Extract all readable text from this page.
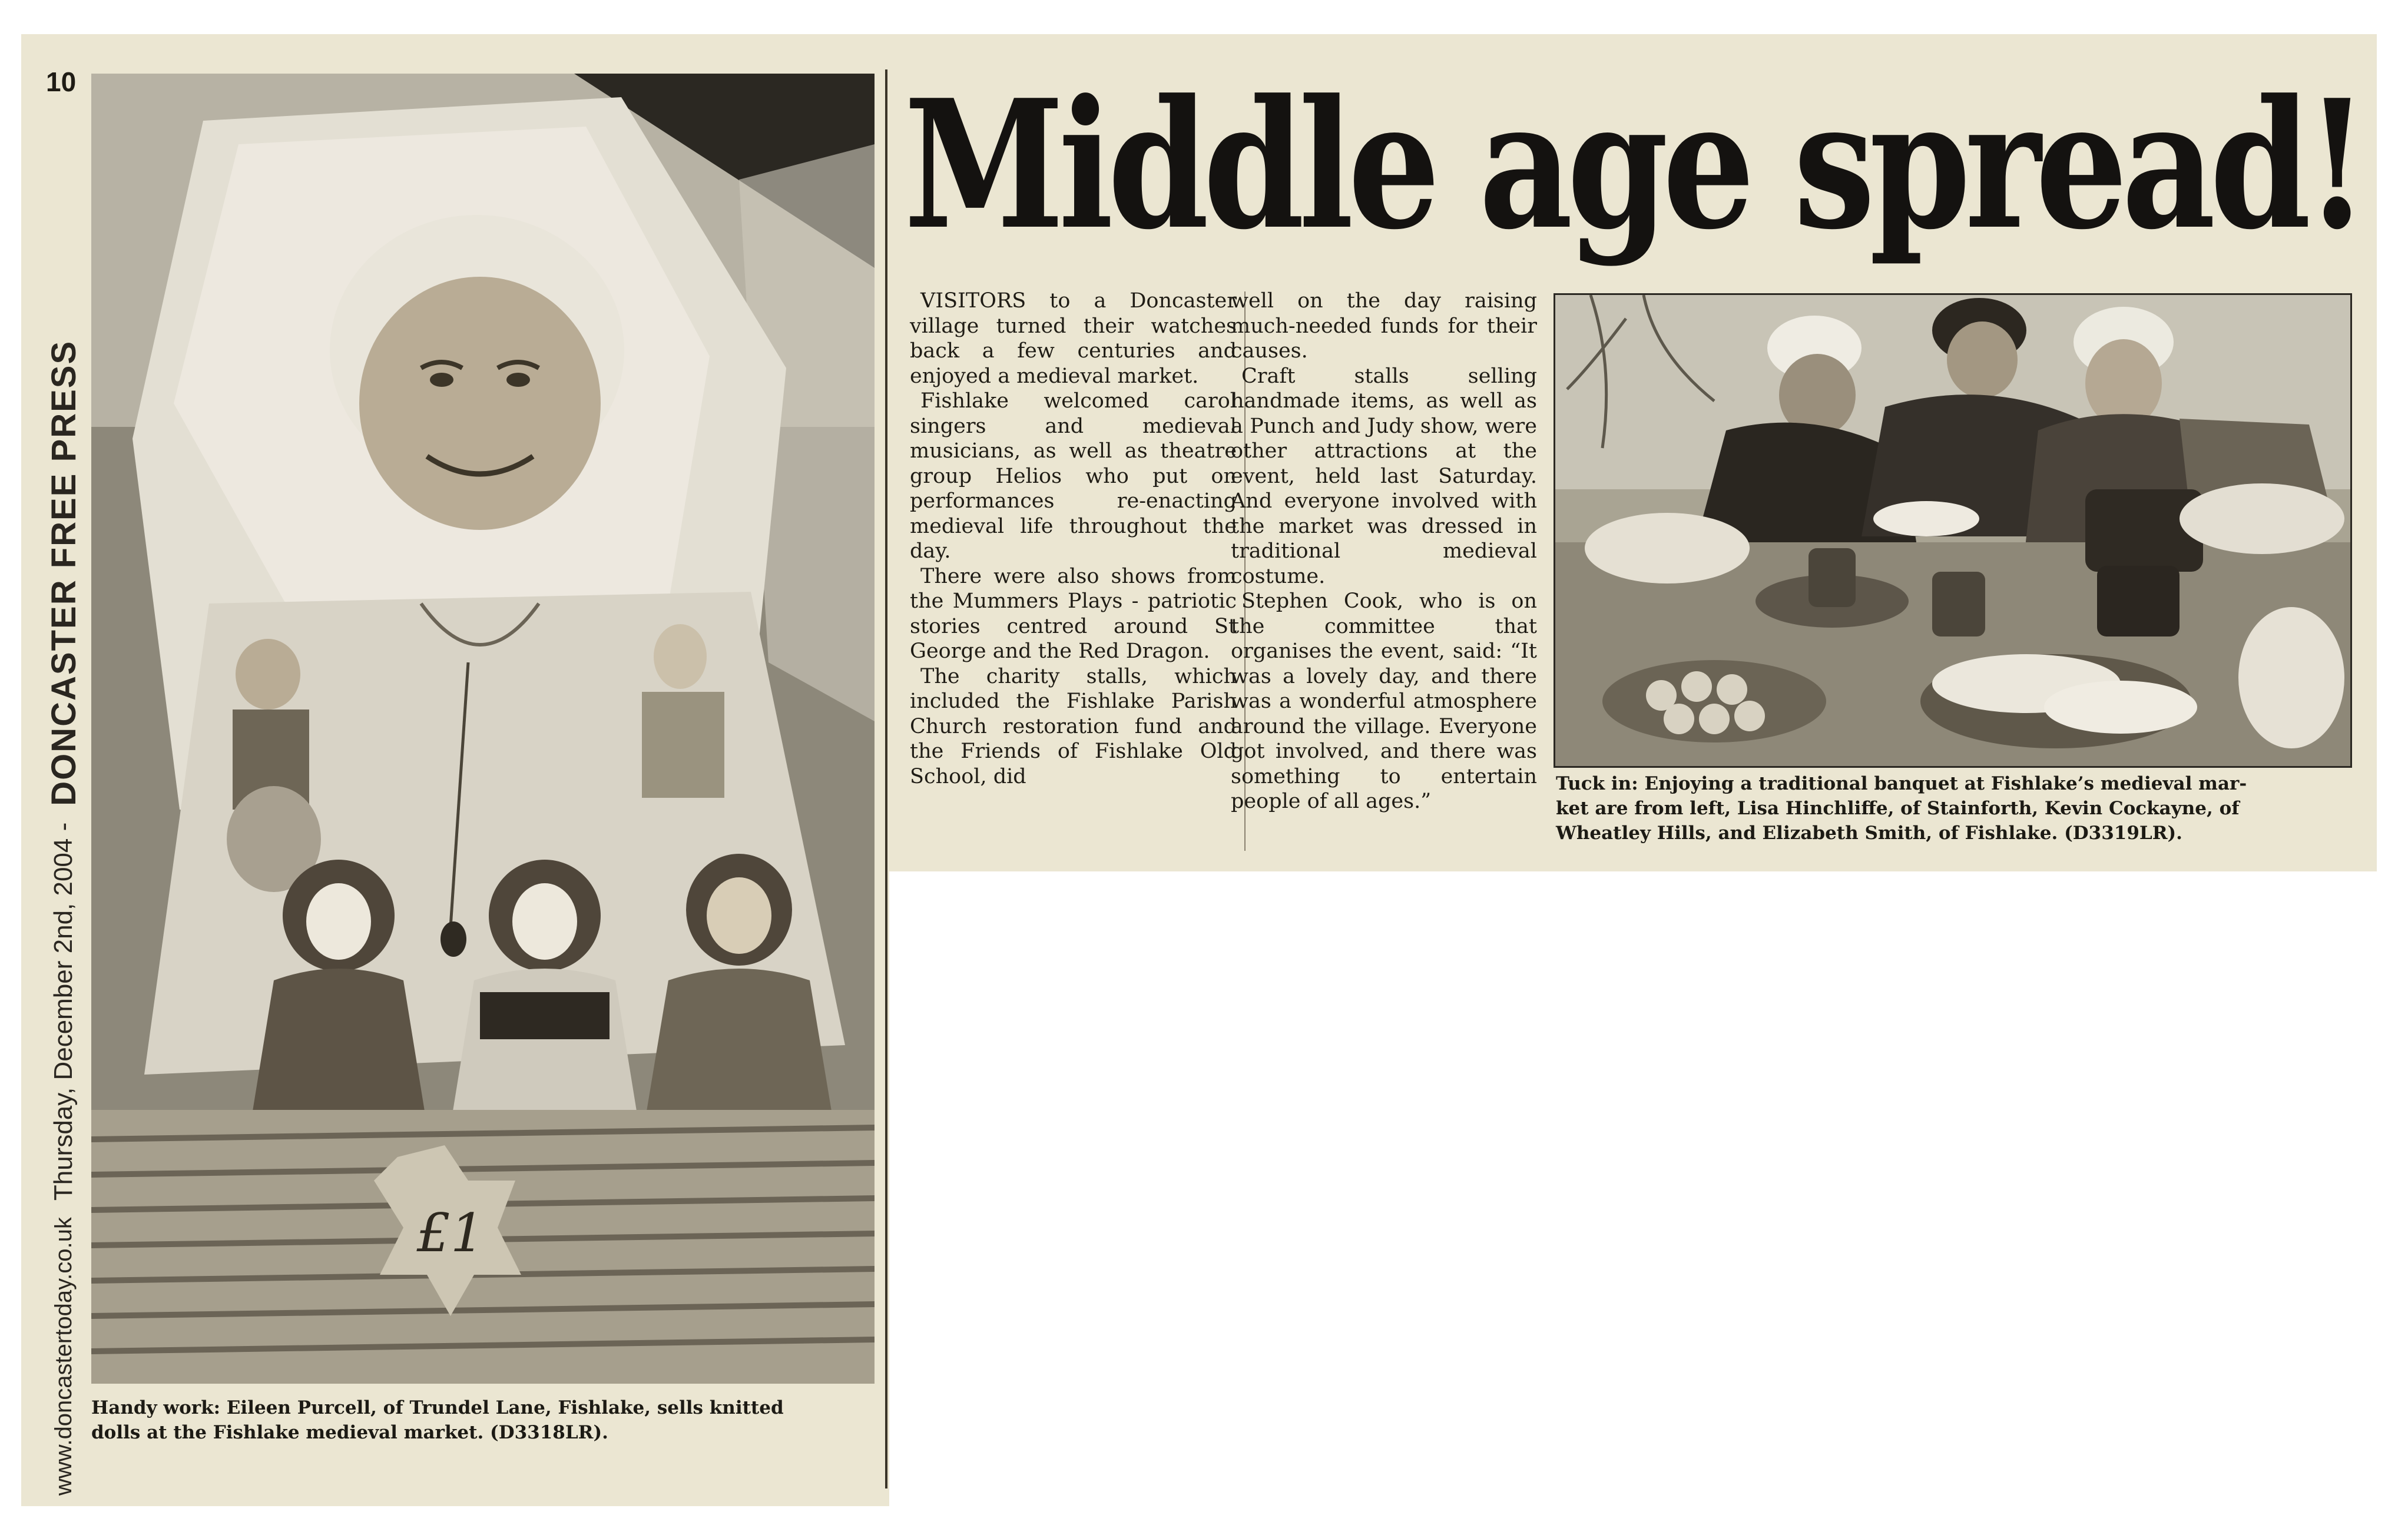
10
www.doncastertoday.co.uk
Thursday, December 2nd, 2004 -
DONCASTER FREE PRESS
£1
Handy work: Eileen Purcell, of Trundel Lane, Fishlake, sells knitted
dolls at the Fishlake medieval market. (D3318LR).
Middle age spread!

VISITORS to a Doncaster village turned their watches back a few centuries and enjoyed a medieval market.

Fishlake welcomed carol singers and medieval musicians, as well as theatre group Helios who put on performances re-enacting medieval life throughout the day.

There were also shows from the Mummers Plays - patriotic stories centred around St George and the Red Dragon.

The charity stalls, which included the Fishlake Parish Church restoration fund and the Friends of Fishlake Old School, did

well on the day raising much-needed funds for their causes.

Craft stalls selling handmade items, as well as a Punch and Judy show, were other attractions at the event, held last Saturday. And everyone involved with the market was dressed in traditional medieval costume.

Stephen Cook, who is on the committee that organises the event, said: “It was a lovely day, and there was a wonderful atmosphere around the village. Everyone got involved, and there was something to entertain people of all ages.”

Tuck in: Enjoying a traditional banquet at Fishlake’s medieval mar-
ket are from left, Lisa Hinchliffe, of Stainforth, Kevin Cockayne, of
Wheatley Hills, and Elizabeth Smith, of Fishlake. (D3319LR).
